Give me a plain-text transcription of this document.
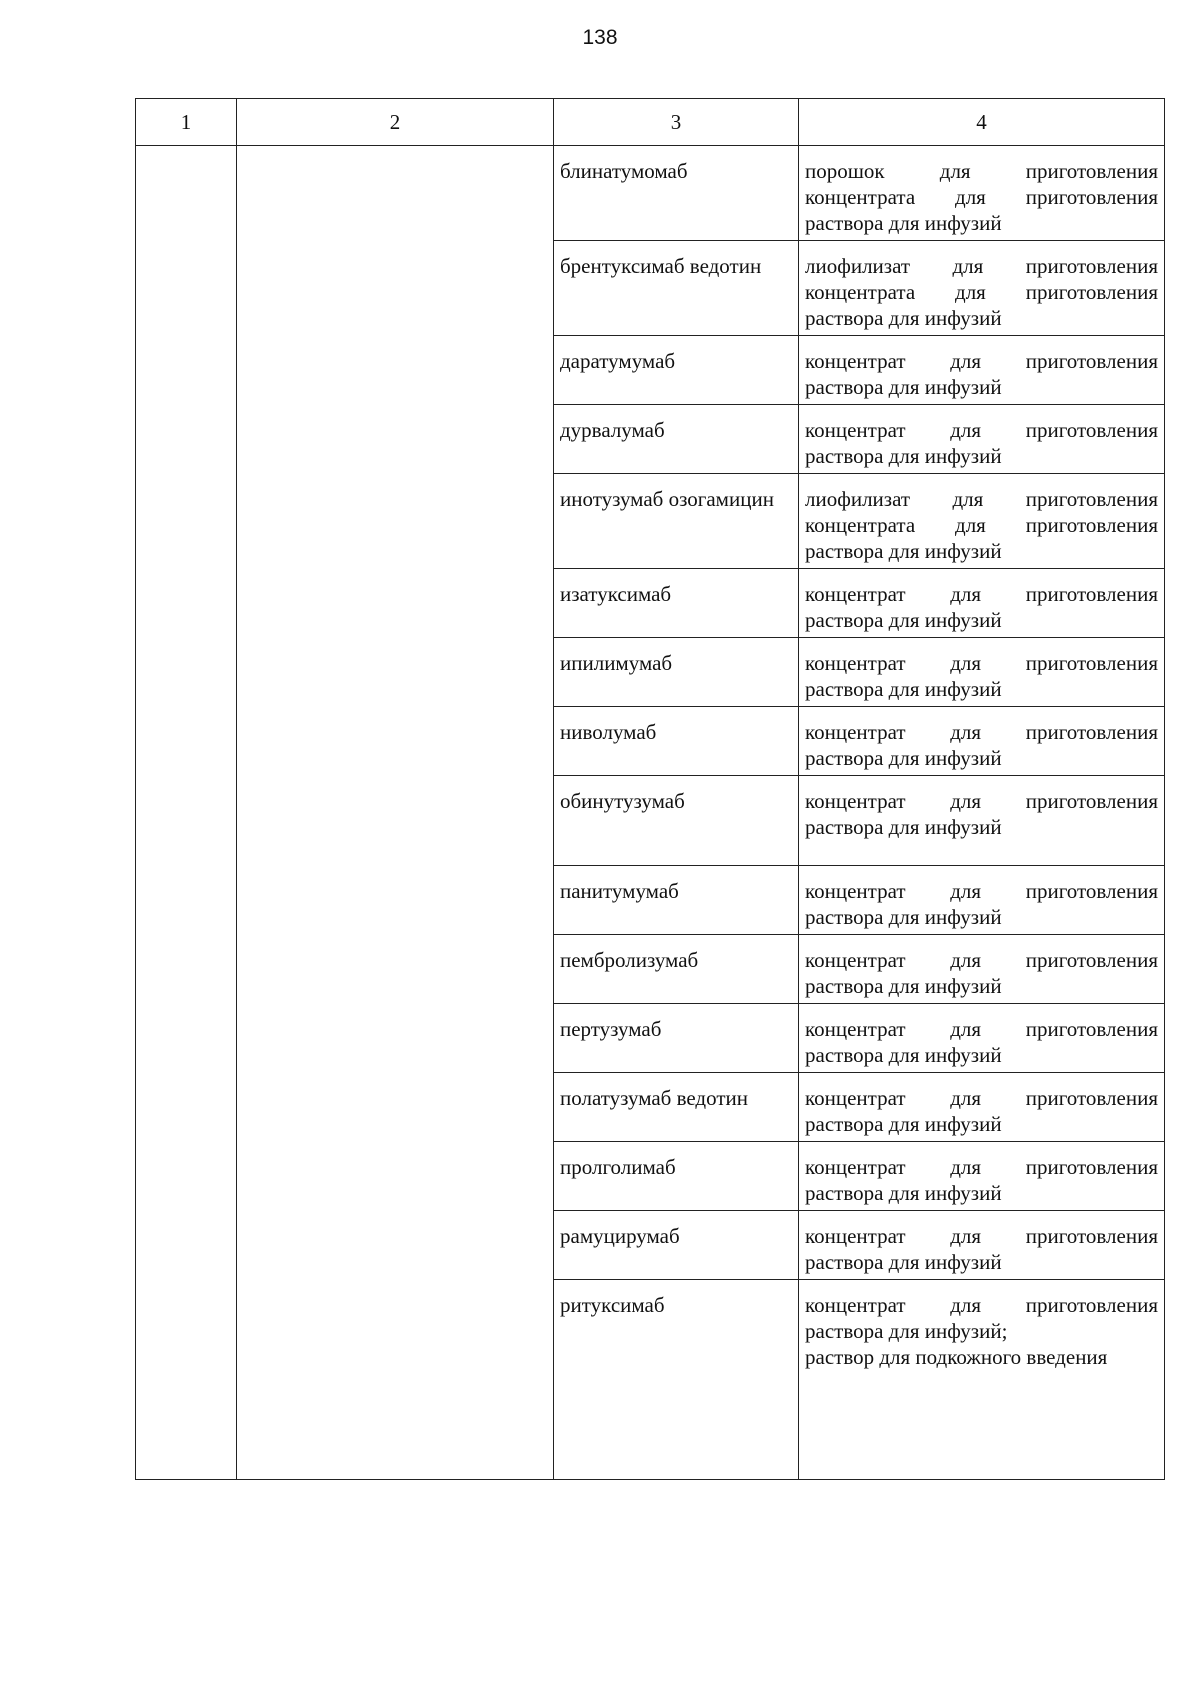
138
1	2	3	4
		блинатумомаб	порошок для приготовления
концентрата для приготовления
раствора для инфузий

		брентуксимаб ведотин	лиофилизат для приготовления
концентрата для приготовления
раствора для инфузий

		даратумумаб	концентрат для приготовления
раствора для инфузий

		дурвалумаб	концентрат для приготовления
раствора для инфузий

		инотузумаб озогамицин	лиофилизат для приготовления
концентрата для приготовления
раствора для инфузий

		изатуксимаб	концентрат для приготовления
раствора для инфузий

		ипилимумаб	концентрат для приготовления
раствора для инфузий

		ниволумаб	концентрат для приготовления
раствора для инфузий

		обинутузумаб	концентрат для приготовления
раствора для инфузий

		панитумумаб	концентрат для приготовления
раствора для инфузий

		пембролизумаб	концентрат для приготовления
раствора для инфузий

		пертузумаб	концентрат для приготовления
раствора для инфузий

		полатузумаб ведотин	концентрат для приготовления
раствора для инфузий

		пролголимаб	концентрат для приготовления
раствора для инфузий

		рамуцирумаб	концентрат для приготовления
раствора для инфузий

		ритуксимаб	концентрат для приготовления
раствора для инфузий;
раствор для подкожного введения
